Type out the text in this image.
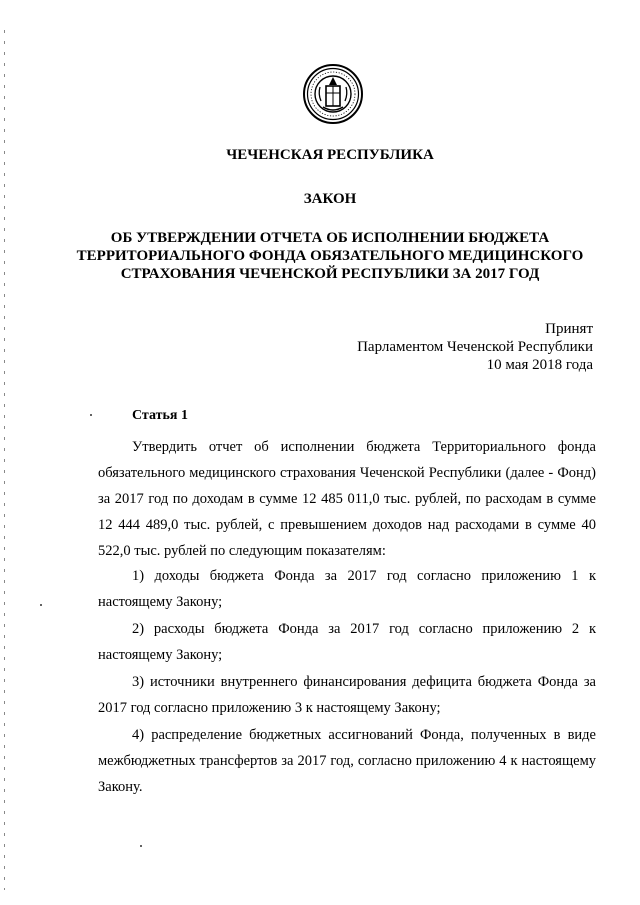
ЧЕЧЕНСКАЯ РЕСПУБЛИКА
ЗАКОН
ОБ УТВЕРЖДЕНИИ ОТЧЕТА ОБ ИСПОЛНЕНИИ БЮДЖЕТА ТЕРРИТОРИАЛЬНОГО ФОНДА ОБЯЗАТЕЛЬНОГО МЕДИЦИНСКОГО СТРАХОВАНИЯ ЧЕЧЕНСКОЙ РЕСПУБЛИКИ ЗА 2017 ГОД
Принят
Парламентом Чеченской Республики
10 мая 2018 года
Статья 1

Утвердить отчет об исполнении бюджета Территориального фонда обязательного медицинского страхования Чеченской Республики (далее - Фонд) за 2017 год по доходам в сумме 12 485 011,0 тыс. рублей, по расходам в сумме 12 444 489,0 тыс. рублей, с превышением доходов над расходами в сумме 40 522,0 тыс. рублей по следующим показателям:

1) доходы бюджета Фонда за 2017 год согласно приложению 1 к настоящему Закону;

2) расходы бюджета Фонда за 2017 год согласно приложению 2 к настоящему Закону;

3) источники внутреннего финансирования дефицита бюджета Фонда за 2017 год согласно приложению 3 к настоящему Закону;

4) распределение бюджетных ассигнований Фонда, полученных в виде межбюджетных трансфертов за 2017 год, согласно приложению 4 к настоящему Закону.
